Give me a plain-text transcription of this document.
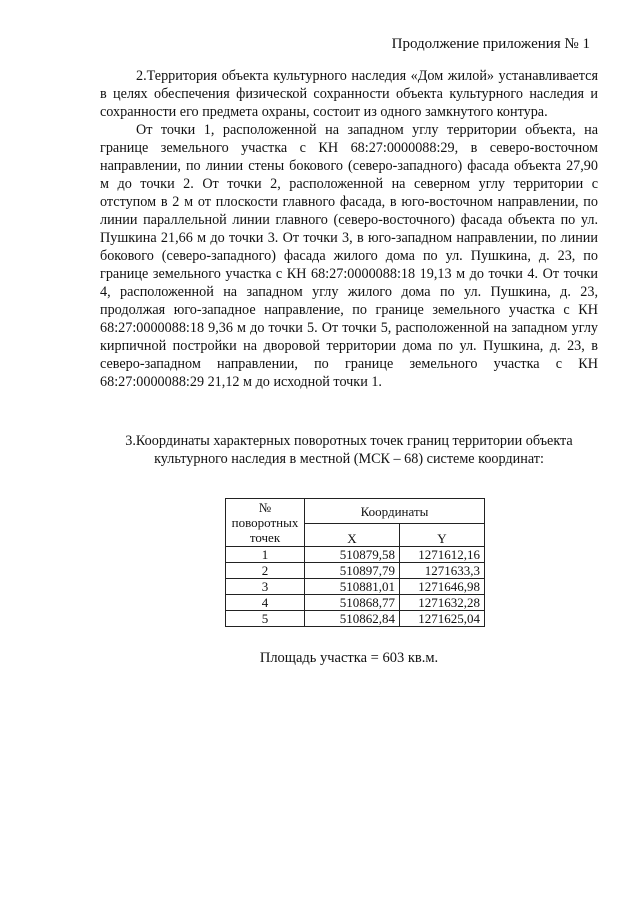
Продолжение приложения № 1

2.Территория объекта культурного наследия «Дом жилой» устанавливается в целях обеспечения физической сохранности объекта культурного наследия и сохранности его предмета охраны, состоит из одного замкнутого контура.

От точки 1, расположенной на западном углу территории объекта, на границе земельного участка с КН 68:27:0000088:29, в северо-восточном направлении, по линии стены бокового (северо-западного) фасада объекта 27,90 м до точки 2. От точки 2, расположенной на северном углу территории с отступом в 2 м от плоскости главного фасада, в юго-восточном направлении, по линии параллельной линии главного (северо-восточного) фасада объекта по ул. Пушкина 21,66 м до точки 3. От точки 3, в юго-западном направлении, по линии бокового (северо-западного) фасада жилого дома по ул. Пушкина, д. 23, по границе земельного участка с КН 68:27:0000088:18 19,13 м до точки 4. От точки 4, расположенной на западном углу жилого дома по ул. Пушкина, д. 23, продолжая юго-западное направление, по границе земельного участка с КН 68:27:0000088:18 9,36 м до точки 5. От точки 5, расположенной на западном углу кирпичной постройки на дворовой территории дома по ул. Пушкина, д. 23, в северо-западном направлении, по границе земельного участка с КН 68:27:0000088:29 21,12 м до исходной точки 1.

3.Координаты характерных поворотных точек границ территории объекта культурного наследия в местной (МСК – 68) системе координат:
№ поворотных точек	Координаты	
	X	Y
1	510879,58	1271612,16
2	510897,79	1271633,3
3	510881,01	1271646,98
4	510868,77	1271632,28
5	510862,84	1271625,04
Площадь участка = 603 кв.м.
